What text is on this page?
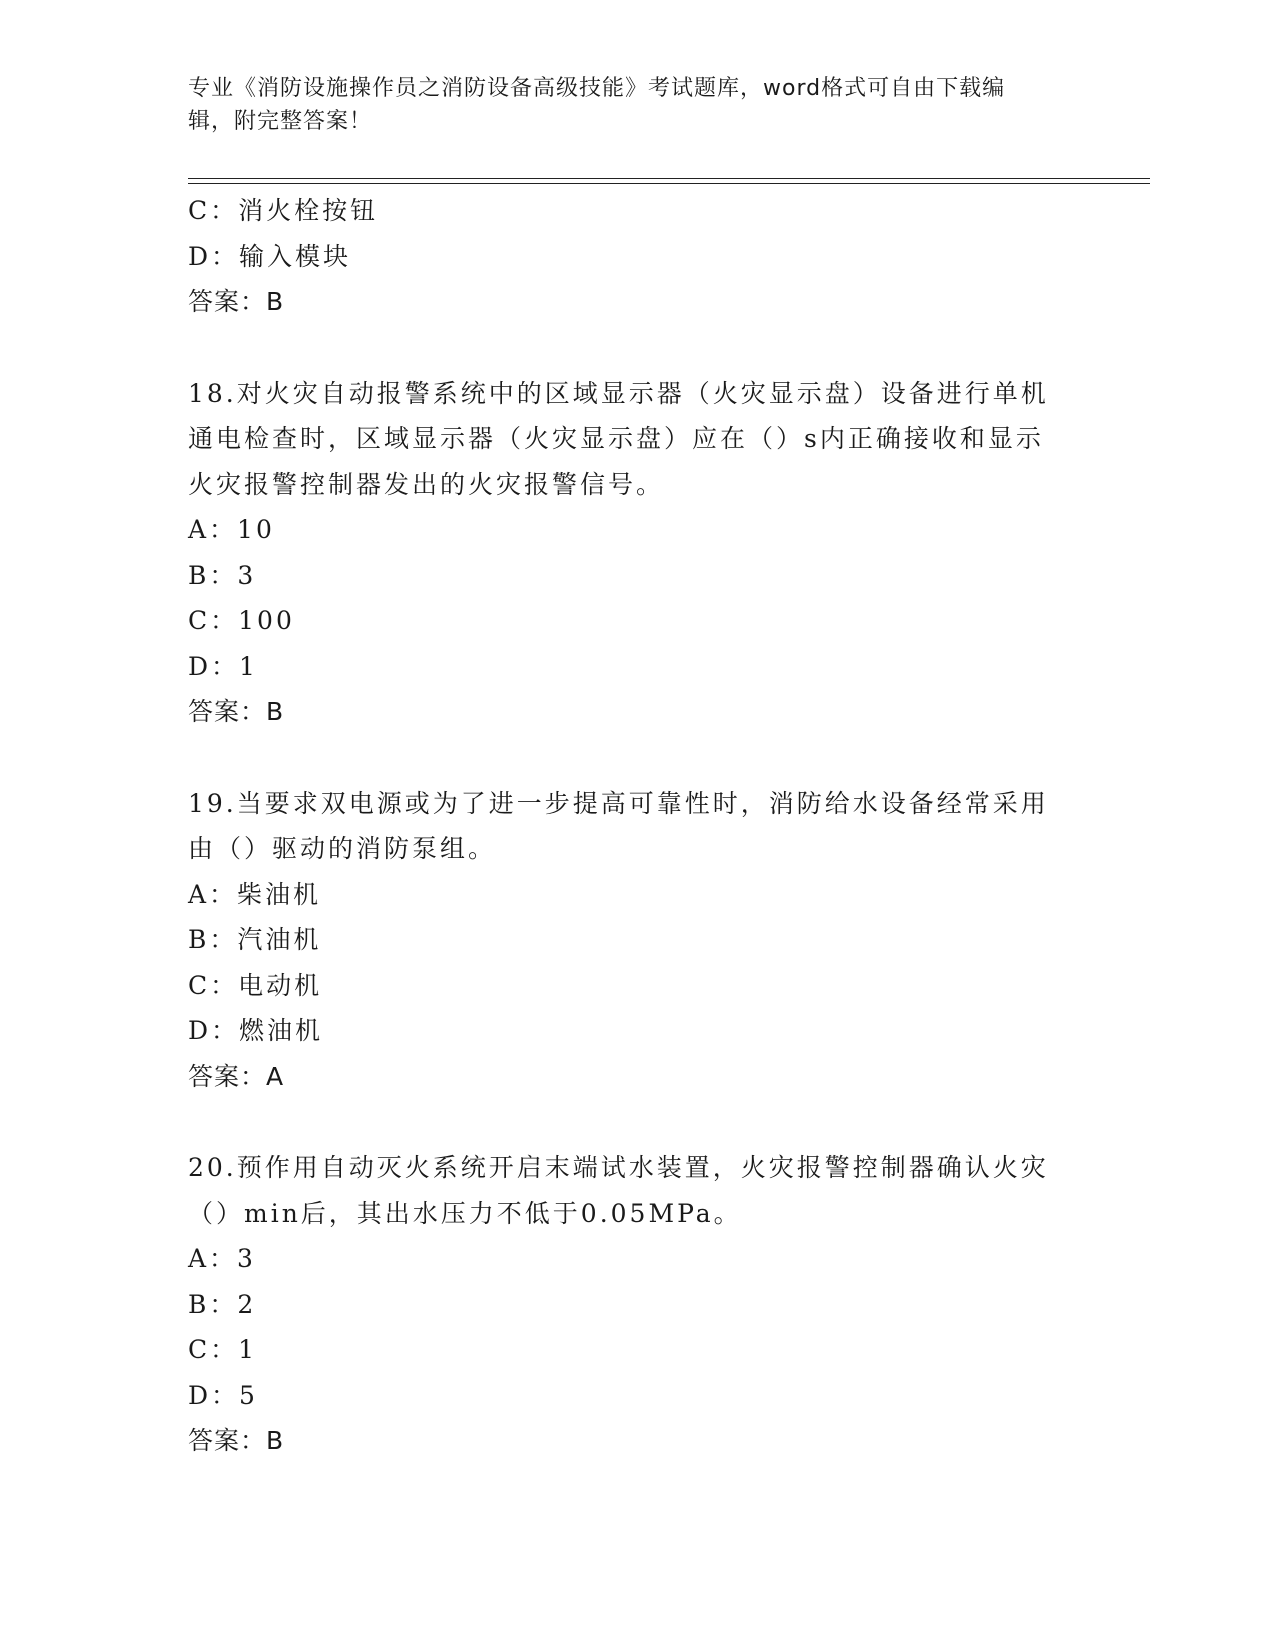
专业《消防设施操作员之消防设备高级技能》考试题库，word格式可自由下载编
辑，附完整答案！
C：消火栓按钮
D：输入模块
答案：B
18.对火灾自动报警系统中的区域显示器（火灾显示盘）设备进行单机
通电检查时，区域显示器（火灾显示盘）应在（）s内正确接收和显示
火灾报警控制器发出的火灾报警信号。
A：10
B：3
C：100
D：1
答案：B
19.当要求双电源或为了进一步提高可靠性时，消防给水设备经常采用
由（）驱动的消防泵组。
A：柴油机
B：汽油机
C：电动机
D：燃油机
答案：A
20.预作用自动灭火系统开启末端试水装置，火灾报警控制器确认火灾
（）min后，其出水压力不低于0.05MPa。
A：3
B：2
C：1
D：5
答案：B
